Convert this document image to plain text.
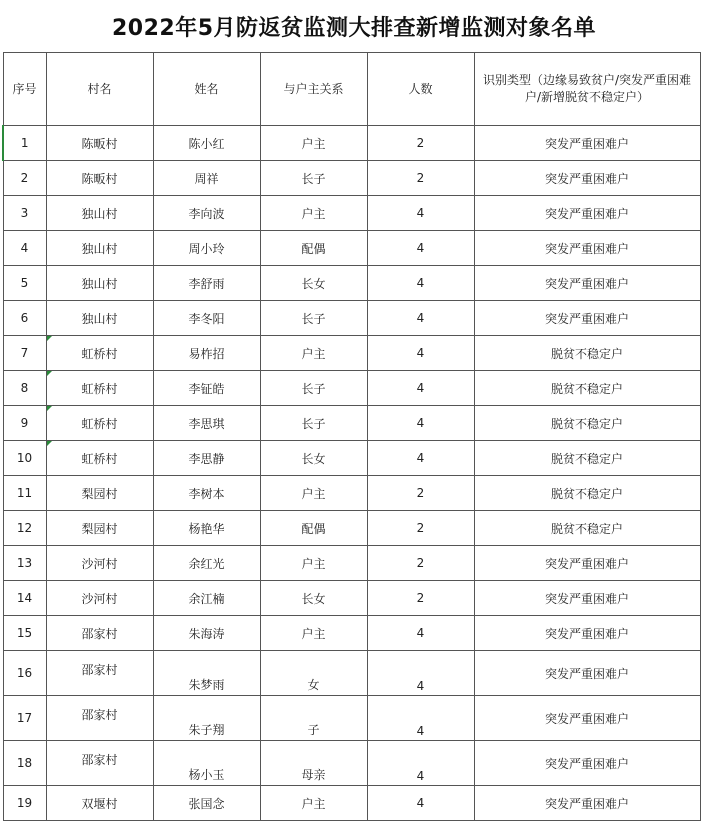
2022年5月防返贫监测大排查新增监测对象名单
序号	村名	姓名	与户主关系	人数	识别类型（边缘易致贫户/突发严重困难户/新增脱贫不稳定户）
1	陈畈村	陈小红	户主	2	突发严重困难户
2	陈畈村	周祥	长子	2	突发严重困难户
3	独山村	李向波	户主	4	突发严重困难户
4	独山村	周小玲	配偶	4	突发严重困难户
5	独山村	李舒雨	长女	4	突发严重困难户
6	独山村	李冬阳	长子	4	突发严重困难户
7	虹桥村	易柞招	户主	4	脱贫不稳定户
8	虹桥村	李钲皓	长子	4	脱贫不稳定户
9	虹桥村	李思琪	长子	4	脱贫不稳定户
10	虹桥村	李思静	长女	4	脱贫不稳定户
11	梨园村	李树本	户主	2	脱贫不稳定户
12	梨园村	杨艳华	配偶	2	脱贫不稳定户
13	沙河村	余红光	户主	2	突发严重困难户
14	沙河村	余江楠	长女	2	突发严重困难户
15	邵家村	朱海涛	户主	4	突发严重困难户
16	邵家村	朱梦雨	女	4	突发严重困难户
17	邵家村	朱子翔	子	4	突发严重困难户
18	邵家村	杨小玉	母亲	4	突发严重困难户
19	双堰村	张国念	户主	4	突发严重困难户
